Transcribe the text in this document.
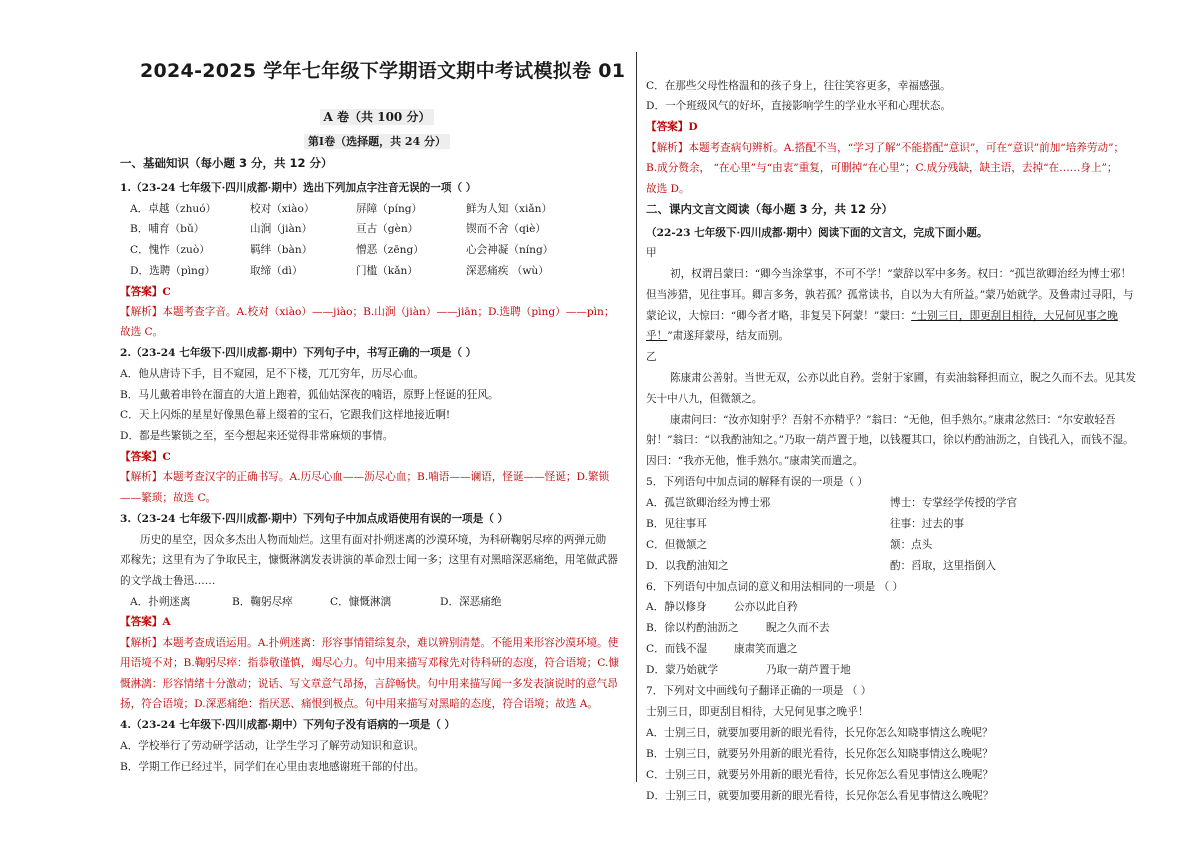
2024-2025 学年七年级下学期语文期中考试模拟卷 01
A 卷（共 100 分）
第Ⅰ卷（选择题，共 24 分）
一、基础知识（每小题 3 分，共 12 分）
1.（23-24 七年级下·四川成都·期中）选出下列加点字注音无误的一项（ ）
A．卓越（zhuó）	校对（xiào）	屏障（píng）	鲜为人知（xiǎn）
B．哺育（bǔ）	山涧（jiàn）	亘古（gèn）	锲而不舍（qiè）
C．愧怍（zuò）	羁绊（bàn）	憎恶（zēng）	心会神凝（níng）
D．选聘（pìng）	取缔（dì）	门槛（kǎn）	深恶痛疾 （wù）
【答案】C
【解析】本题考查字音。A.校对（xiào）——jiào；B.山涧（jiàn）——jiān；D.选聘（pìng）——pìn；
故选 C。
2.（23-24 七年级下·四川成都·期中）下列句子中，书写正确的一项是（ ）
A．他从唐诗下手，目不窥园，足不下楼，兀兀穷年，历尽心血。
B．马儿戴着串铃在溜直的大道上跑着，狐仙姑深夜的喃语，原野上怪诞的狂风。
C．天上闪烁的星星好像黑色幕上缀着的宝石，它跟我们这样地接近啊!
D．都是些繁锁之至，至今想起来还觉得非常麻烦的事情。
【答案】C
【解析】本题考查汉字的正确书写。A.历尽心血——沥尽心血；B.喃语——谰语，怪诞——怪诞；D.繁锁
——繁琐；故选 C。
3.（23-24 七年级下·四川成都·期中）下列句子中加点成语使用有误的一项是（ ）
历史的星空，因众多杰出人物而灿烂。这里有面对扑朔迷离的沙漠环境，为科研鞠躬尽瘁的两弹元勋
邓稼先；这里有为了争取民主，慷慨淋漓发表讲演的革命烈士闻一多；这里有对黑暗深恶痛绝，用笔做武器
的文学战士鲁迅……
A．扑朔迷离	B．鞠躬尽瘁	C．慷慨淋漓	D．深恶痛绝
【答案】A
【解析】本题考查成语运用。A.扑朔迷离：形容事情错综复杂，难以辨别清楚。不能用来形容沙漠环境。使
用语境不对；B.鞠躬尽瘁：指恭敬谨慎，竭尽心力。句中用来描写邓稼先对待科研的态度，符合语境；C.慷
慨淋漓：形容情绪十分激动；说话、写文章意气昂扬，言辞畅快。句中用来描写闻一多发表演说时的意气昂
扬，符合语境；D.深恶痛绝：指厌恶、痛恨到极点。句中用来描写对黑暗的态度，符合语境；故选 A。
4.（23-24 七年级下·四川成都·期中）下列句子没有语病的一项是（ ）
A．学校举行了劳动研学活动，让学生学习了解劳动知识和意识。
B．学期工作已经过半，同学们在心里由衷地感谢班干部的付出。
C．在那些父母性格温和的孩子身上，往往笑容更多，幸福感强。
D．一个班级风气的好坏，直接影响学生的学业水平和心理状态。
【答案】D
【解析】本题考查病句辨析。A.搭配不当，“学习了解”不能搭配“意识”，可在“意识”前加“培养劳动”；
B.成分赘余， “在心里”与“由衷”重复，可删掉“在心里”；C.成分残缺，缺主语，去掉“在……身上”；
故选 D。
二、课内文言文阅读（每小题 3 分，共 12 分）
（22-23 七年级下·四川成都·期中）阅读下面的文言文，完成下面小题。
甲
初，权谓吕蒙曰：“卿今当涂掌事，不可不学！”蒙辞以军中多务。权曰：“孤岂欲卿治经为博士邪！
但当涉猎，见往事耳。卿言多务，孰若孤？孤常读书，自以为大有所益。”蒙乃始就学。及鲁肃过寻阳，与
蒙论议，大惊曰：“卿今者才略，非复吴下阿蒙！”蒙曰：“士别三日，即更刮目相待，大兄何见事之晚
乎！”肃遂拜蒙母，结友而别。
乙
陈康肃公善射。当世无双，公亦以此自矜。尝射于家圃，有卖油翁释担而立，睨之久而不去。见其发
矢十中八九，但微颔之。
康肃问曰：“汝亦知射乎？吾射不亦精乎？”翁曰：“无他，但手熟尔。”康肃忿然曰：“尔安敢轻吾
射！”翁曰：“以我酌油知之。”乃取一葫芦置于地，以钱覆其口，徐以杓酌油沥之，自钱孔入，而钱不湿。
因曰：“我亦无他，惟手熟尔。”康肃笑而遣之。
5．下列语句中加点词的解释有误的一项是（ ）
A．孤岂欲卿治经为博士邪	博士：专掌经学传授的学官
B．见往事耳	往事：过去的事
C．但微颔之	颔：点头
D．以我酌油知之	酌：舀取，这里指倒入
6．下列语句中加点词的意义和用法相同的一项是 （ ）
A．静以修身	公亦以此自矜
B．徐以杓酌油沥之	睨之久而不去
C．而钱不湿	康肃笑而遣之
D．蒙乃始就学	乃取一葫芦置于地
7．下列对文中画线句子翻译正确的一项是 （ ）
士别三日，即更刮目相待，大兄何见事之晚乎！
A．士别三日，就要加要用新的眼光看待，长兄你怎么知晓事情这么晚呢？
B．士别三日，就要另外用新的眼光看待，长兄你怎么知晓事情这么晚呢？
C．士别三日，就要另外用新的眼光看待，长兄你怎么看见事情这么晚呢？
D．士别三日，就要加要用新的眼光看待，长兄你怎么看见事情这么晚呢？
